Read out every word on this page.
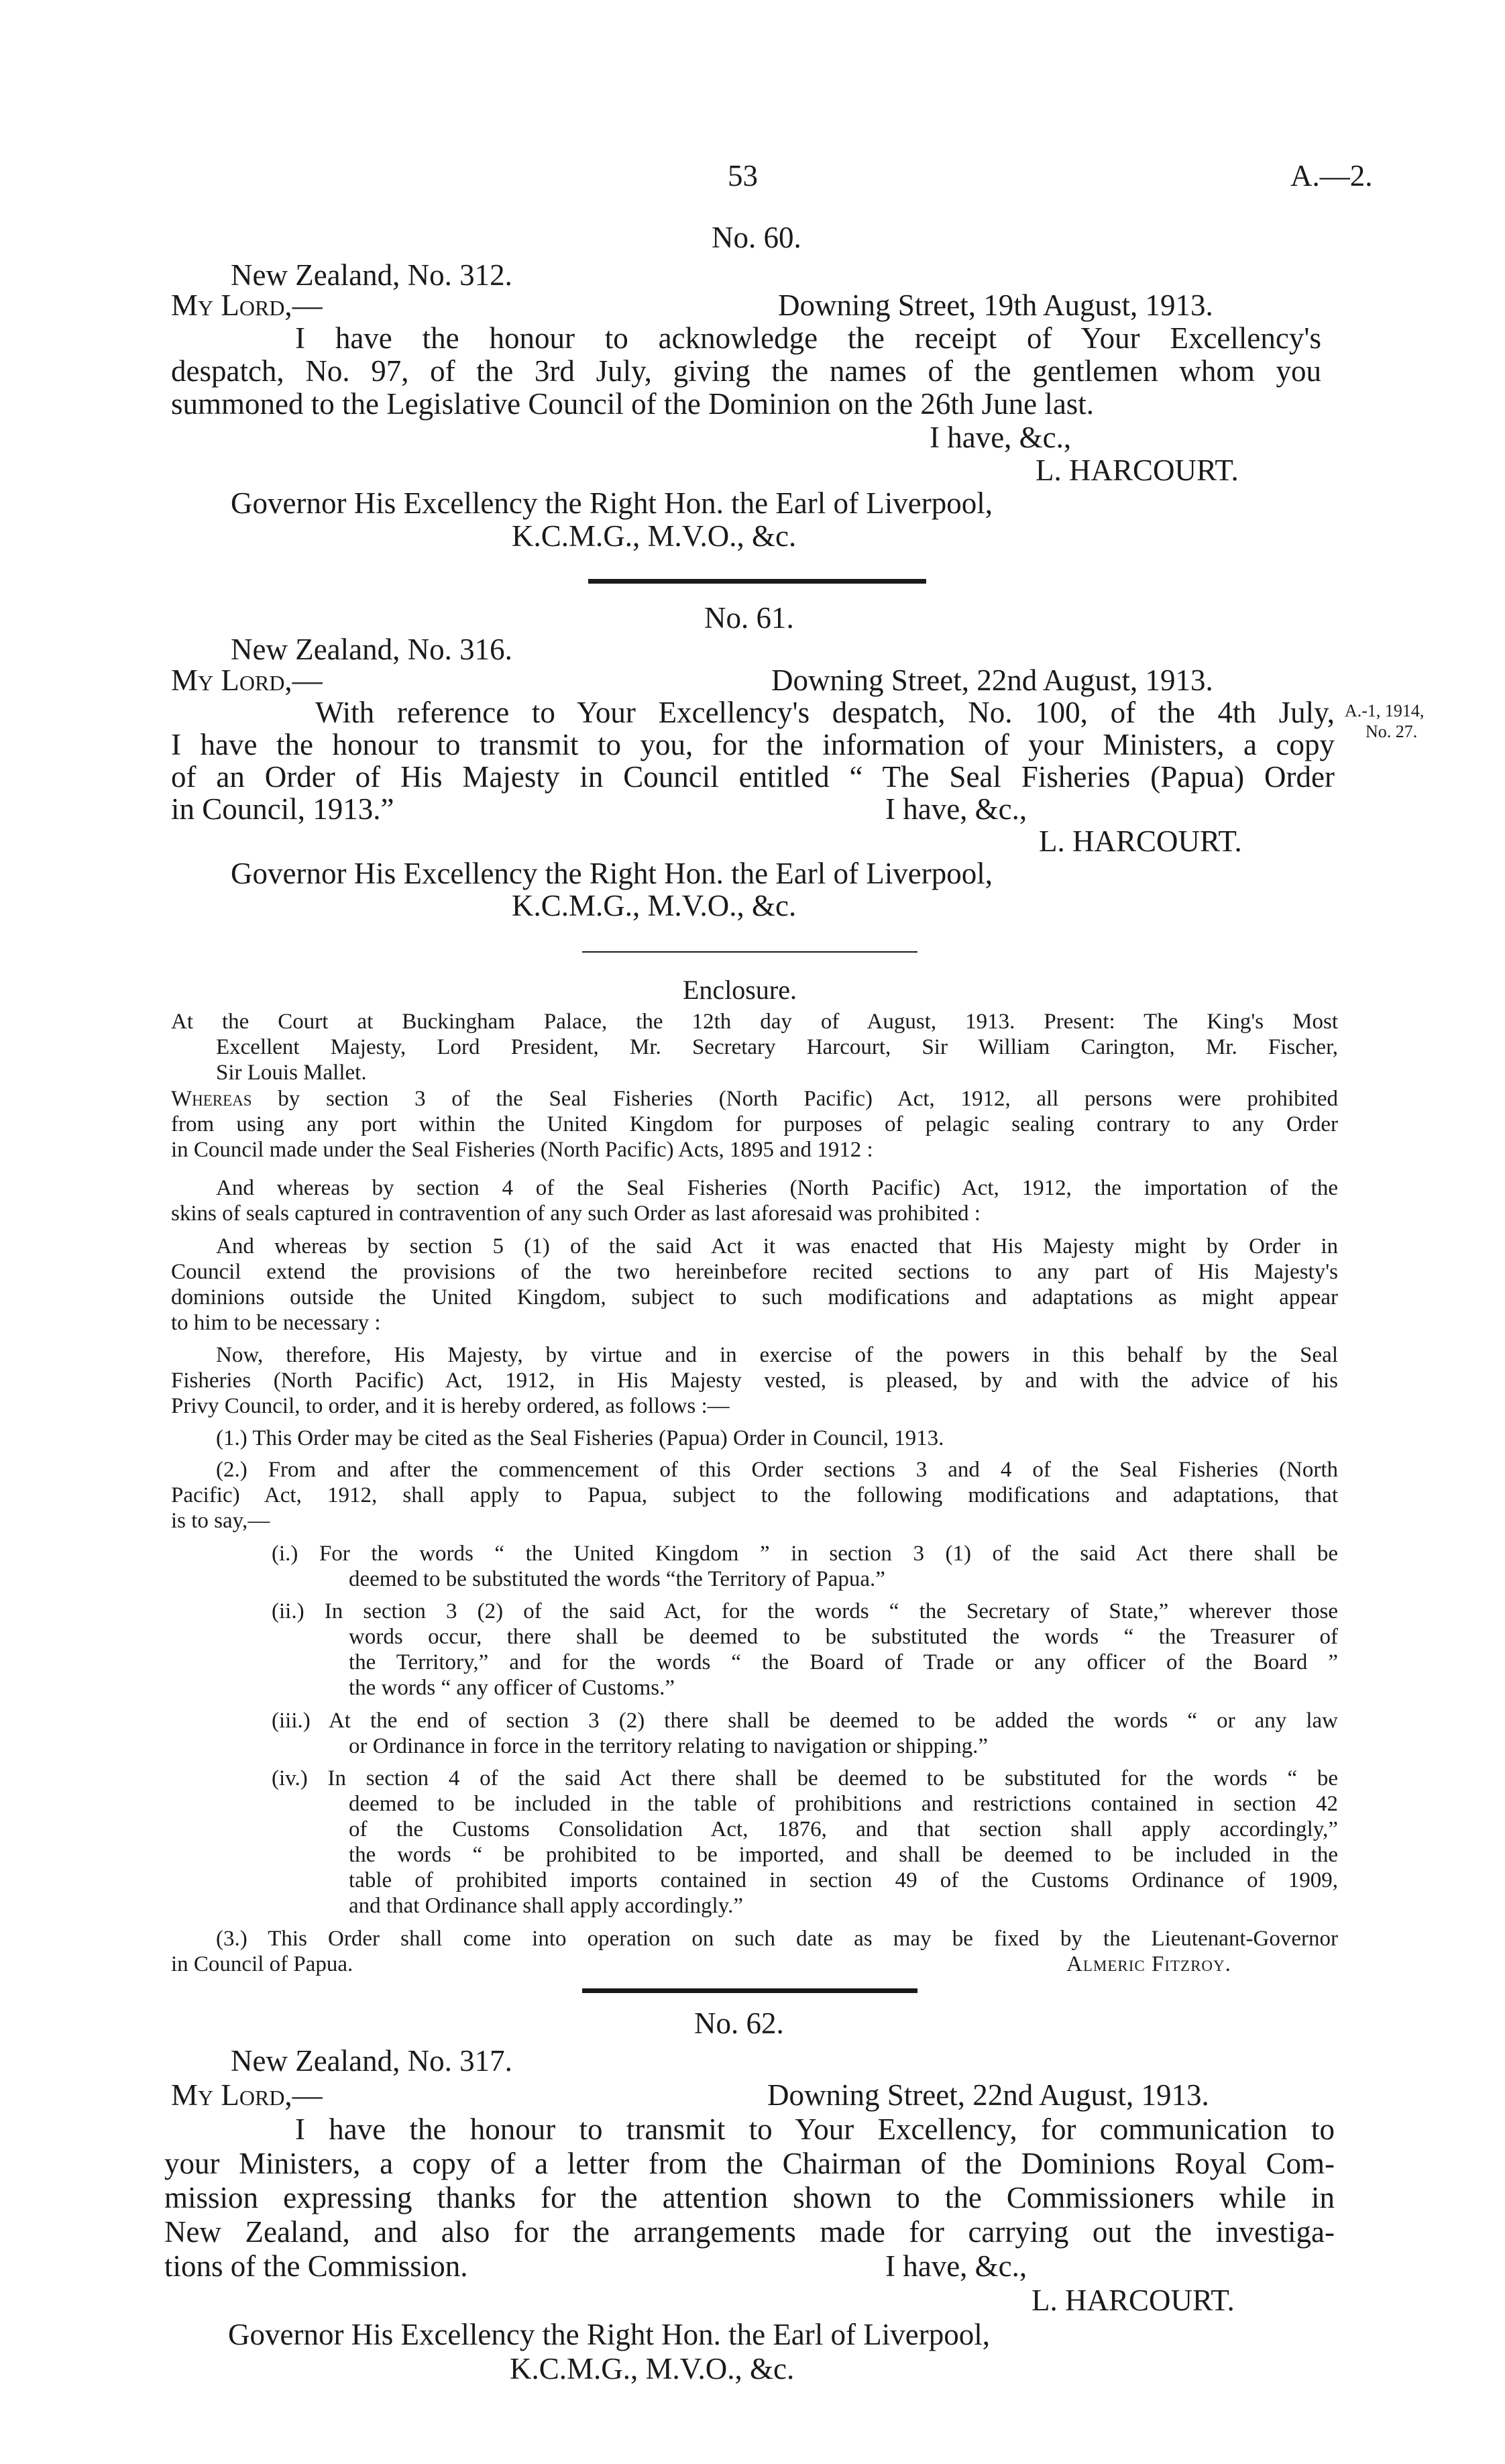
53	A.—2.
No. 60.
New Zealand, No. 312.
My Lord,—	Downing Street, 19th August, 1913.
I have the honour to acknowledge the receipt of Your Excellency's
despatch, No. 97, of the 3rd July, giving the names of the gentlemen whom you
summoned to the Legislative Council of the Dominion on the 26th June last.
I have, &c.,
L. HARCOURT.
Governor His Excellency the Right Hon. the Earl of Liverpool,
K.C.M.G., M.V.O., &c.
No. 61.
New Zealand, No. 316.
My Lord,—	Downing Street, 22nd August, 1913.
With reference to Your Excellency's despatch, No. 100, of the 4th July, A.-1, 1914,
No. 27.
I have the honour to transmit to you, for the information of your Ministers, a copy
of an Order of His Majesty in Council entitled “ The Seal Fisheries (Papua) Order
in Council, 1913.”	I have, &c.,
L. HARCOURT.
Governor His Excellency the Right Hon. the Earl of Liverpool,
K.C.M.G., M.V.O., &c.
Enclosure.
At the Court at Buckingham Palace, the 12th day of August, 1913. Present: The King's Most
Excellent Majesty, Lord President, Mr. Secretary Harcourt, Sir William Carington, Mr. Fischer,
Sir Louis Mallet.
Whereas by section 3 of the Seal Fisheries (North Pacific) Act, 1912, all persons were prohibited
from using any port within the United Kingdom for purposes of pelagic sealing contrary to any Order
in Council made under the Seal Fisheries (North Pacific) Acts, 1895 and 1912 :
And whereas by section 4 of the Seal Fisheries (North Pacific) Act, 1912, the importation of the
skins of seals captured in contravention of any such Order as last aforesaid was prohibited :
And whereas by section 5 (1) of the said Act it was enacted that His Majesty might by Order in
Council extend the provisions of the two hereinbefore recited sections to any part of His Majesty's
dominions outside the United Kingdom, subject to such modifications and adaptations as might appear
to him to be necessary :
Now, therefore, His Majesty, by virtue and in exercise of the powers in this behalf by the Seal
Fisheries (North Pacific) Act, 1912, in His Majesty vested, is pleased, by and with the advice of his
Privy Council, to order, and it is hereby ordered, as follows :—
(1.) This Order may be cited as the Seal Fisheries (Papua) Order in Council, 1913.
(2.) From and after the commencement of this Order sections 3 and 4 of the Seal Fisheries (North
Pacific) Act, 1912, shall apply to Papua, subject to the following modifications and adaptations, that
is to say,—
(i.) For the words “ the United Kingdom ” in section 3 (1) of the said Act there shall be
deemed to be substituted the words “the Territory of Papua.”
(ii.) In section 3 (2) of the said Act, for the words “ the Secretary of State,” wherever those
words occur, there shall be deemed to be substituted the words “ the Treasurer of
the Territory,” and for the words “ the Board of Trade or any officer of the Board ”
the words “ any officer of Customs.”
(iii.) At the end of section 3 (2) there shall be deemed to be added the words “ or any law
or Ordinance in force in the territory relating to navigation or shipping.”
(iv.) In section 4 of the said Act there shall be deemed to be substituted for the words “ be
deemed to be included in the table of prohibitions and restrictions contained in section 42
of the Customs Consolidation Act, 1876, and that section shall apply accordingly,”
the words “ be prohibited to be imported, and shall be deemed to be included in the
table of prohibited imports contained in section 49 of the Customs Ordinance of 1909,
and that Ordinance shall apply accordingly.”
(3.) This Order shall come into operation on such date as may be fixed by the Lieutenant-Governor
in Council of Papua.	Almeric Fitzroy.
No. 62.
New Zealand, No. 317.
My Lord,—	Downing Street, 22nd August, 1913.
I have the honour to transmit to Your Excellency, for communication to
your Ministers, a copy of a letter from the Chairman of the Dominions Royal Com-
mission expressing thanks for the attention shown to the Commissioners while in
New Zealand, and also for the arrangements made for carrying out the investiga-
tions of the Commission.	I have, &c.,
L. HARCOURT.
Governor His Excellency the Right Hon. the Earl of Liverpool,
K.C.M.G., M.V.O., &c.
